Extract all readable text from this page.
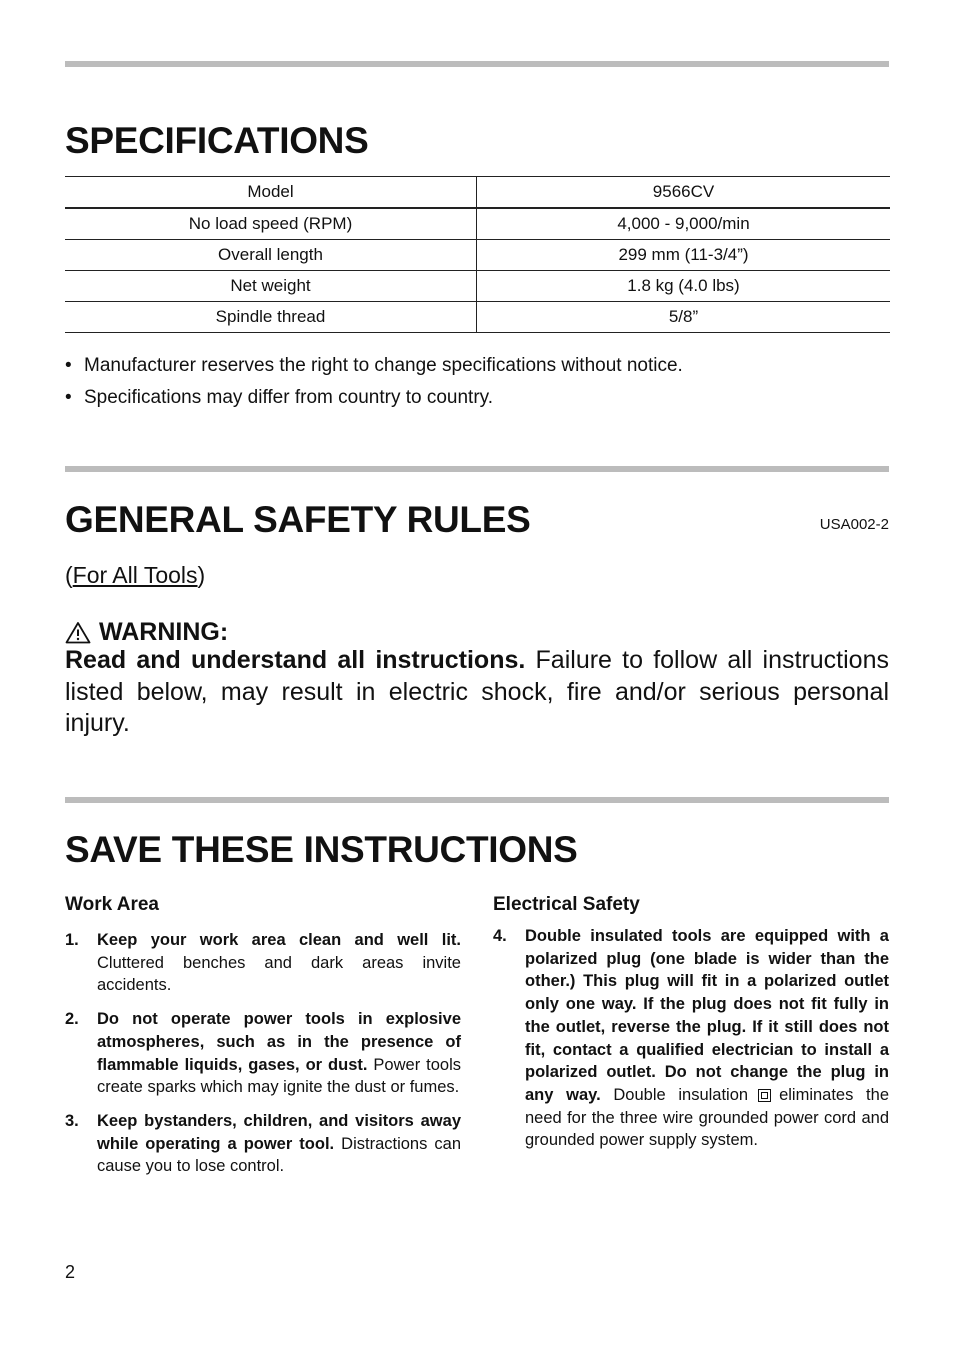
SPECIFICATIONS
Model	9566CV
No load speed (RPM)	4,000 - 9,000/min
Overall length	299 mm (11-3/4”)
Net weight	1.8 kg (4.0 lbs)
Spindle thread	5/8”
• Manufacturer reserves the right to change specifications without notice.
• Specifications may differ from country to country.
GENERAL SAFETY RULES	USA002-2
(For All Tools)
WARNING:

Read and understand all instructions. Failure to follow all instructions listed below, may result in electric shock, fire and/or serious personal injury.

SAVE THESE INSTRUCTIONS
Work Area
1. Keep your work area clean and well lit. Cluttered benches and dark areas invite accidents.
2. Do not operate power tools in explosive atmospheres, such as in the presence of flammable liquids, gases, or dust. Power tools create sparks which may ignite the dust or fumes.
3. Keep bystanders, children, and visitors away while operating a power tool. Distractions can cause you to lose control.
Electrical Safety
4. Double insulated tools are equipped with a polarized plug (one blade is wider than the other.) This plug will fit in a polarized outlet only one way. If the plug does not fit fully in the outlet, reverse the plug. If it still does not fit, contact a qualified electrician to install a polarized outlet. Do not change the plug in any way. Double insulation eliminates the need for the three wire grounded power cord and grounded power supply system.
2
